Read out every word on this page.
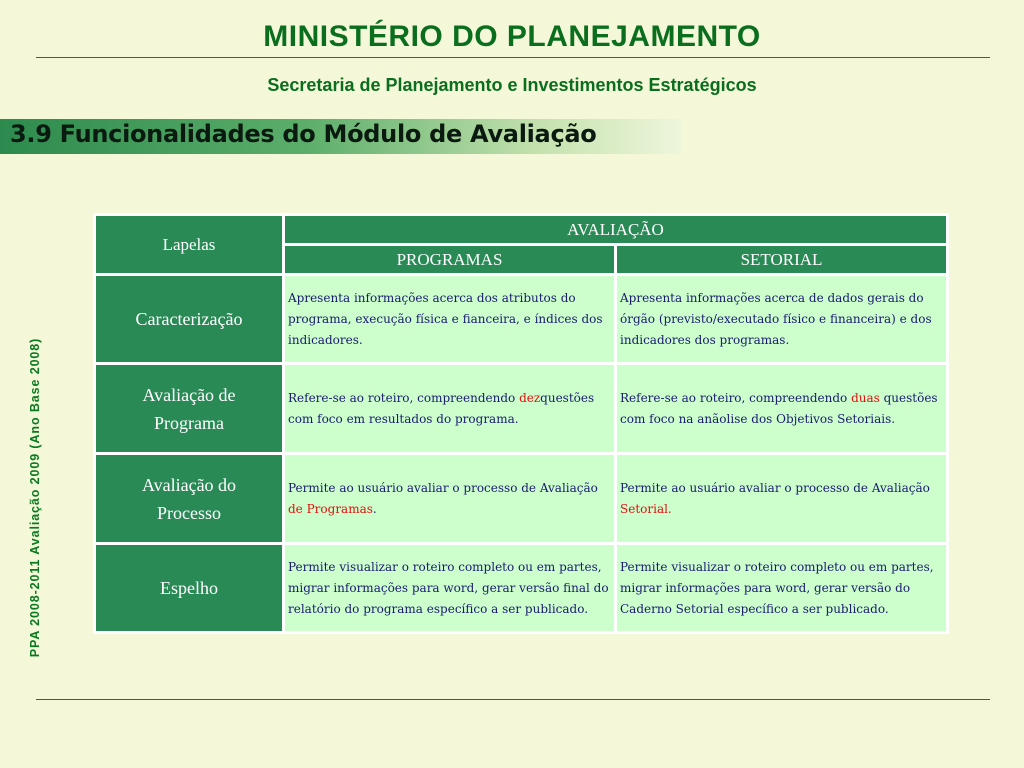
MINISTÉRIO DO PLANEJAMENTO
Secretaria de Planejamento e Investimentos Estratégicos
3.9 Funcionalidades do Módulo de Avaliação
PPA 2008-2011 Avaliação 2009 (Ano Base 2008)
Lapelas	AVALIAÇÃO	
	PROGRAMAS	SETORIAL
Caracterização	Apresenta informações acerca dos atributos do programa, execução física e fianceira, e índices dos indicadores.	Apresenta informações acerca de dados gerais do órgão (previsto/executado físico e financeira) e dos indicadores dos programas.
Avaliação de
Programa	Refere-se ao roteiro, compreendendo dezquestões com foco em resultados do programa.	Refere-se ao roteiro, compreendendo duas questões com foco na anãolise dos Objetivos Setoriais.
Avaliação do
Processo	Permite ao usuário avaliar o processo de Avaliação de Programas.	Permite ao usuário avaliar o processo de Avaliação Setorial.
Espelho	Permite visualizar o roteiro completo ou em partes, migrar informações para word, gerar versão final do relatório do programa específico a ser publicado.	Permite visualizar o roteiro completo ou em partes, migrar informações para word, gerar versão do Caderno Setorial específico a ser publicado.
